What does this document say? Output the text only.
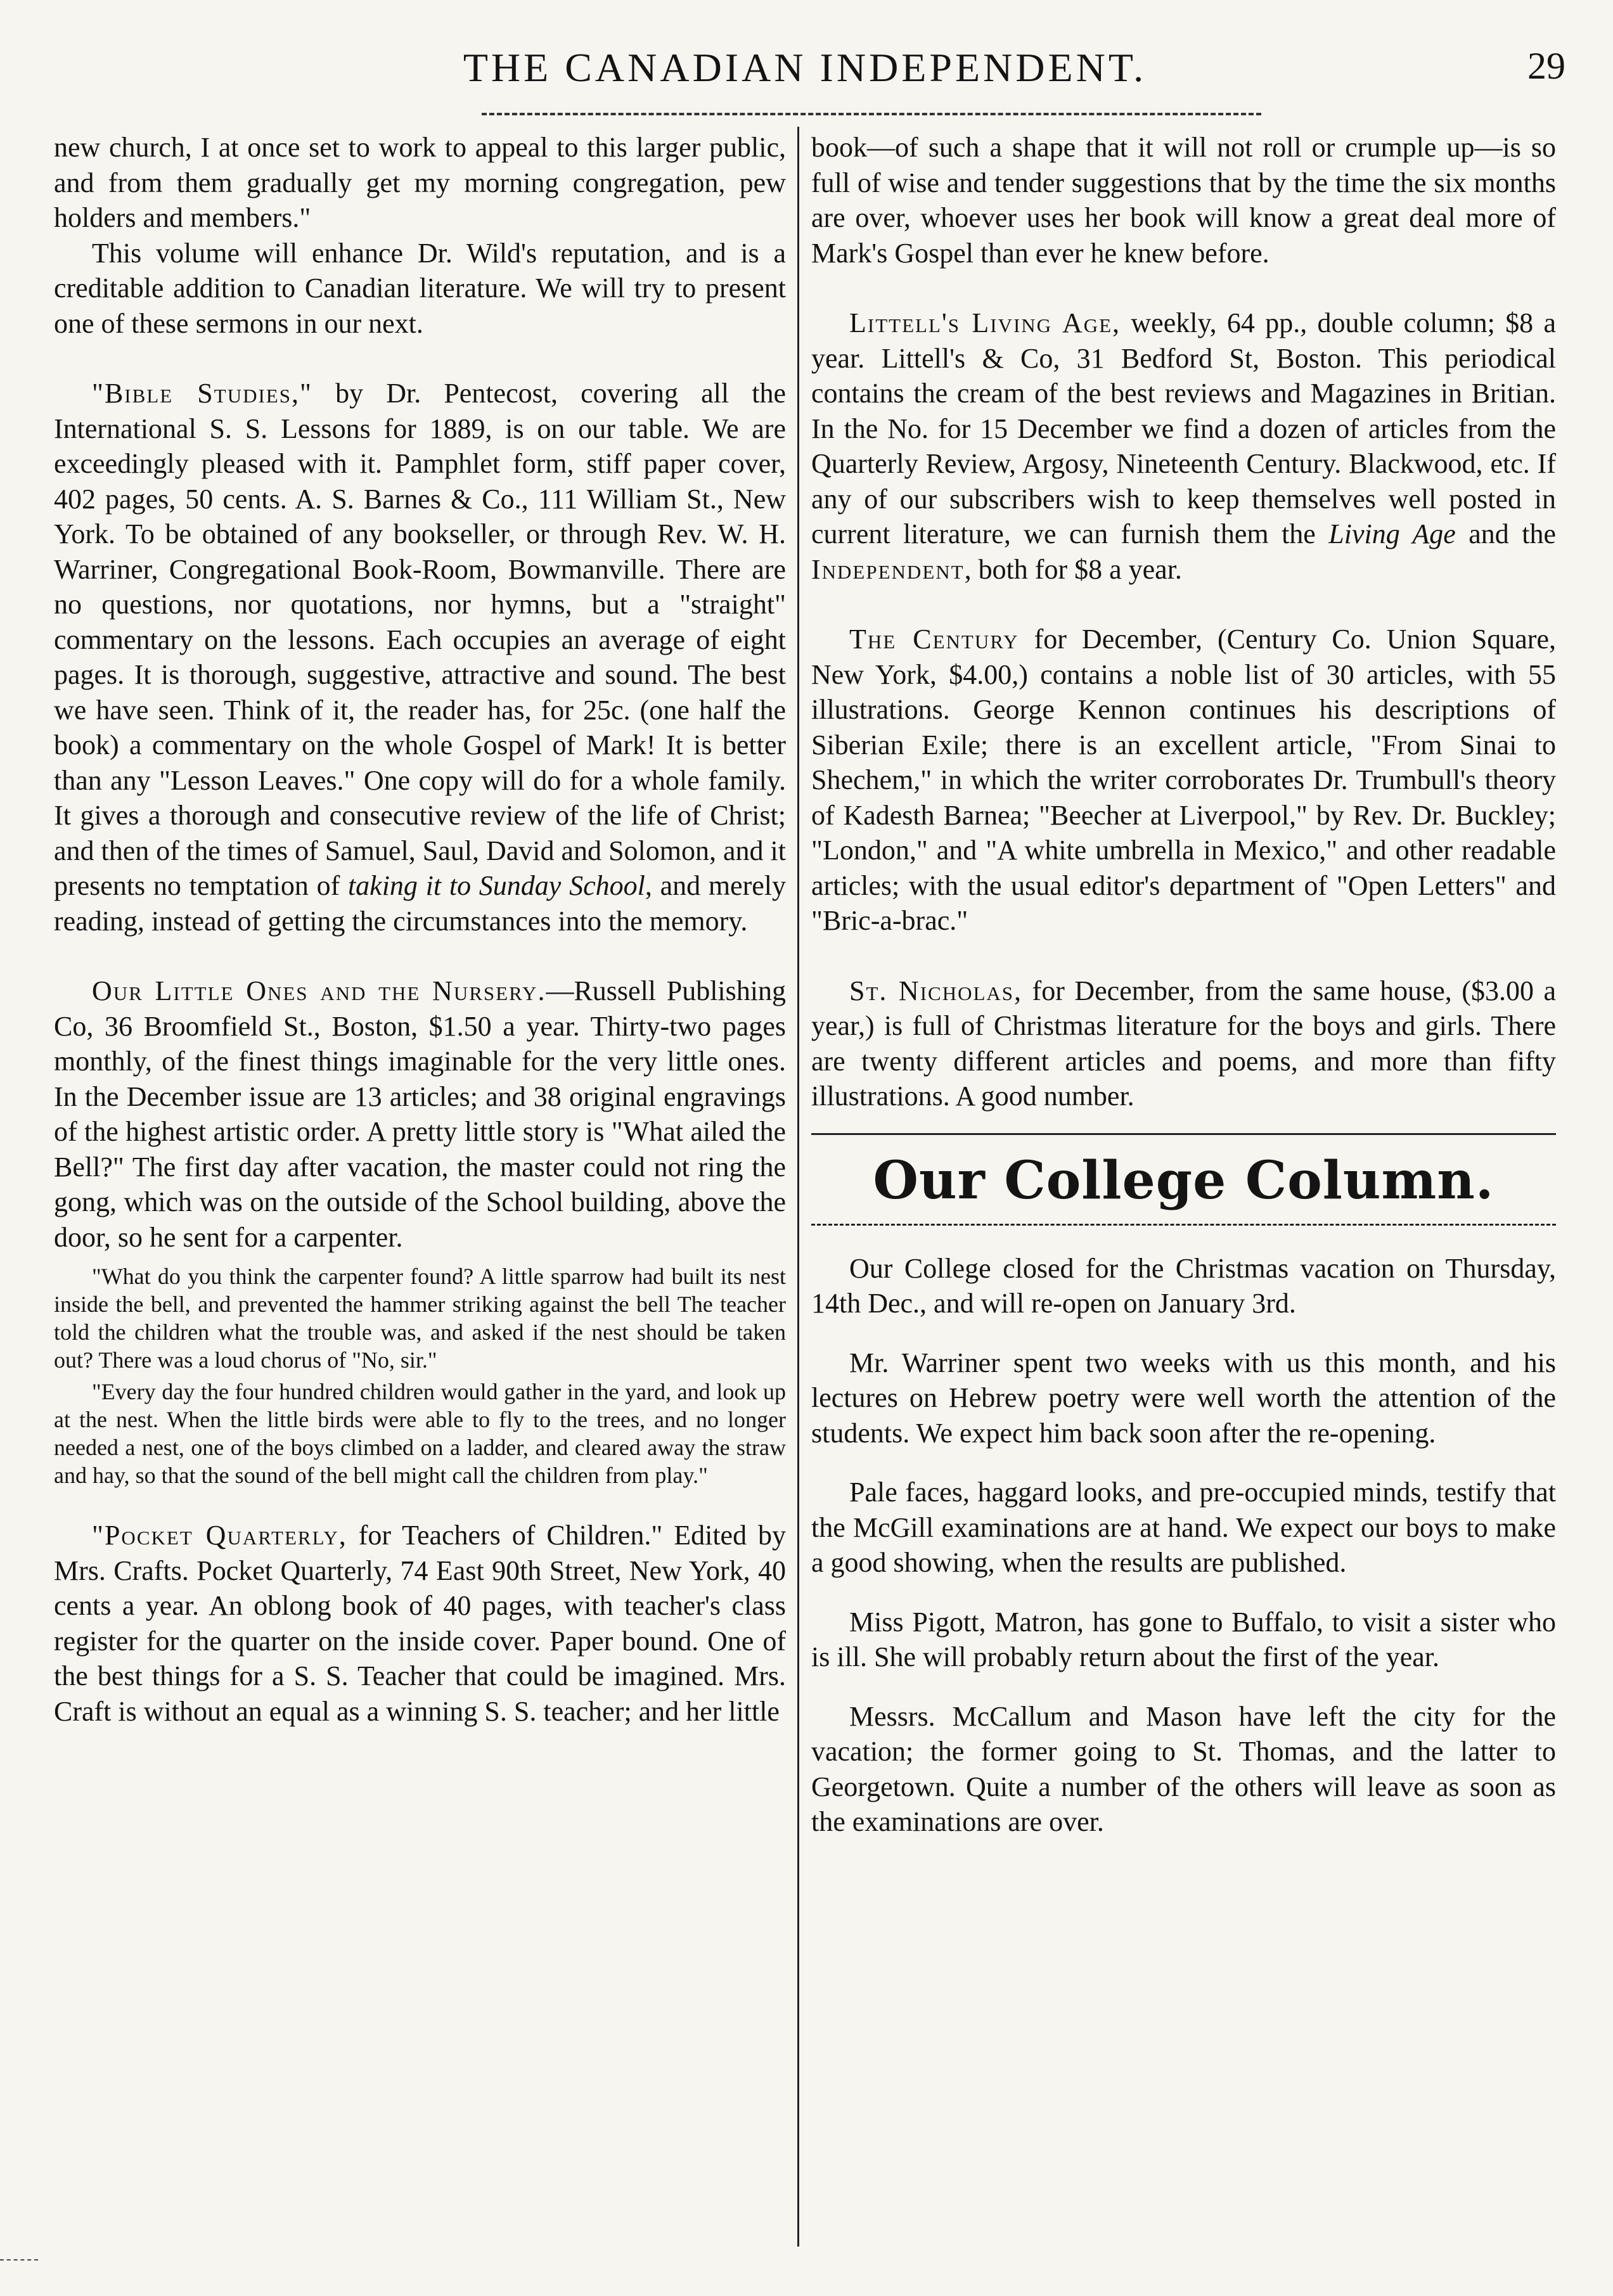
THE CANADIAN INDEPENDENT.	29

new church, I at once set to work to appeal to this larger public, and from them gradually get my morning congregation, pew holders and members."

This volume will enhance Dr. Wild's reputation, and is a creditable addition to Canadian literature. We will try to present one of these sermons in our next.

"Bible Studies," by Dr. Pentecost, covering all the International S. S. Lessons for 1889, is on our table. We are exceedingly pleased with it. Pamphlet form, stiff paper cover, 402 pages, 50 cents. A. S. Barnes & Co., 111 William St., New York. To be obtained of any bookseller, or through Rev. W. H. Warriner, Congregational Book-Room, Bowmanville. There are no questions, nor quotations, nor hymns, but a "straight" commentary on the lessons. Each occupies an average of eight pages. It is thorough, suggestive, attractive and sound. The best we have seen. Think of it, the reader has, for 25c. (one half the book) a commentary on the whole Gospel of Mark! It is better than any "Lesson Leaves." One copy will do for a whole family. It gives a thorough and consecutive review of the life of Christ; and then of the times of Samuel, Saul, David and Solomon, and it presents no temptation of taking it to Sunday School, and merely reading, instead of getting the circumstances into the memory.

Our Little Ones and the Nursery.—Russell Publishing Co, 36 Broomfield St., Boston, $1.50 a year. Thirty-two pages monthly, of the finest things imaginable for the very little ones. In the December issue are 13 articles; and 38 original engravings of the highest artistic order. A pretty little story is "What ailed the Bell?" The first day after vacation, the master could not ring the gong, which was on the outside of the School building, above the door, so he sent for a carpenter.

"What do you think the carpenter found? A little sparrow had built its nest inside the bell, and prevented the hammer striking against the bell The teacher told the children what the trouble was, and asked if the nest should be taken out? There was a loud chorus of "No, sir."

"Every day the four hundred children would gather in the yard, and look up at the nest. When the little birds were able to fly to the trees, and no longer needed a nest, one of the boys climbed on a ladder, and cleared away the straw and hay, so that the sound of the bell might call the children from play."

"Pocket Quarterly, for Teachers of Children." Edited by Mrs. Crafts. Pocket Quarterly, 74 East 90th Street, New York, 40 cents a year. An oblong book of 40 pages, with teacher's class register for the quarter on the inside cover. Paper bound. One of the best things for a S. S. Teacher that could be imagined. Mrs. Craft is without an equal as a winning S. S. teacher; and her little

book—of such a shape that it will not roll or crumple up—is so full of wise and tender suggestions that by the time the six months are over, whoever uses her book will know a great deal more of Mark's Gospel than ever he knew before.

Littell's Living Age, weekly, 64 pp., double column; $8 a year. Littell's & Co, 31 Bedford St, Boston. This periodical contains the cream of the best reviews and Magazines in Britian. In the No. for 15 December we find a dozen of articles from the Quarterly Review, Argosy, Nineteenth Century. Blackwood, etc. If any of our subscribers wish to keep themselves well posted in current literature, we can furnish them the Living Age and the Independent, both for $8 a year.

The Century for December, (Century Co. Union Square, New York, $4.00,) contains a noble list of 30 articles, with 55 illustrations. George Kennon continues his descriptions of Siberian Exile; there is an excellent article, "From Sinai to Shechem," in which the writer corroborates Dr. Trumbull's theory of Kadesth Barnea; "Beecher at Liverpool," by Rev. Dr. Buckley; "London," and "A white umbrella in Mexico," and other readable articles; with the usual editor's department of "Open Letters" and "Bric-a-brac."

St. Nicholas, for December, from the same house, ($3.00 a year,) is full of Christmas literature for the boys and girls. There are twenty different articles and poems, and more than fifty illustrations. A good number.

Our College Column.

Our College closed for the Christmas vacation on Thursday, 14th Dec., and will re-open on January 3rd.

Mr. Warriner spent two weeks with us this month, and his lectures on Hebrew poetry were well worth the attention of the students. We expect him back soon after the re-opening.

Pale faces, haggard looks, and pre-occupied minds, testify that the McGill examinations are at hand. We expect our boys to make a good showing, when the results are published.

Miss Pigott, Matron, has gone to Buffalo, to visit a sister who is ill. She will probably return about the first of the year.

Messrs. McCallum and Mason have left the city for the vacation; the former going to St. Thomas, and the latter to Georgetown. Quite a number of the others will leave as soon as the examinations are over.
